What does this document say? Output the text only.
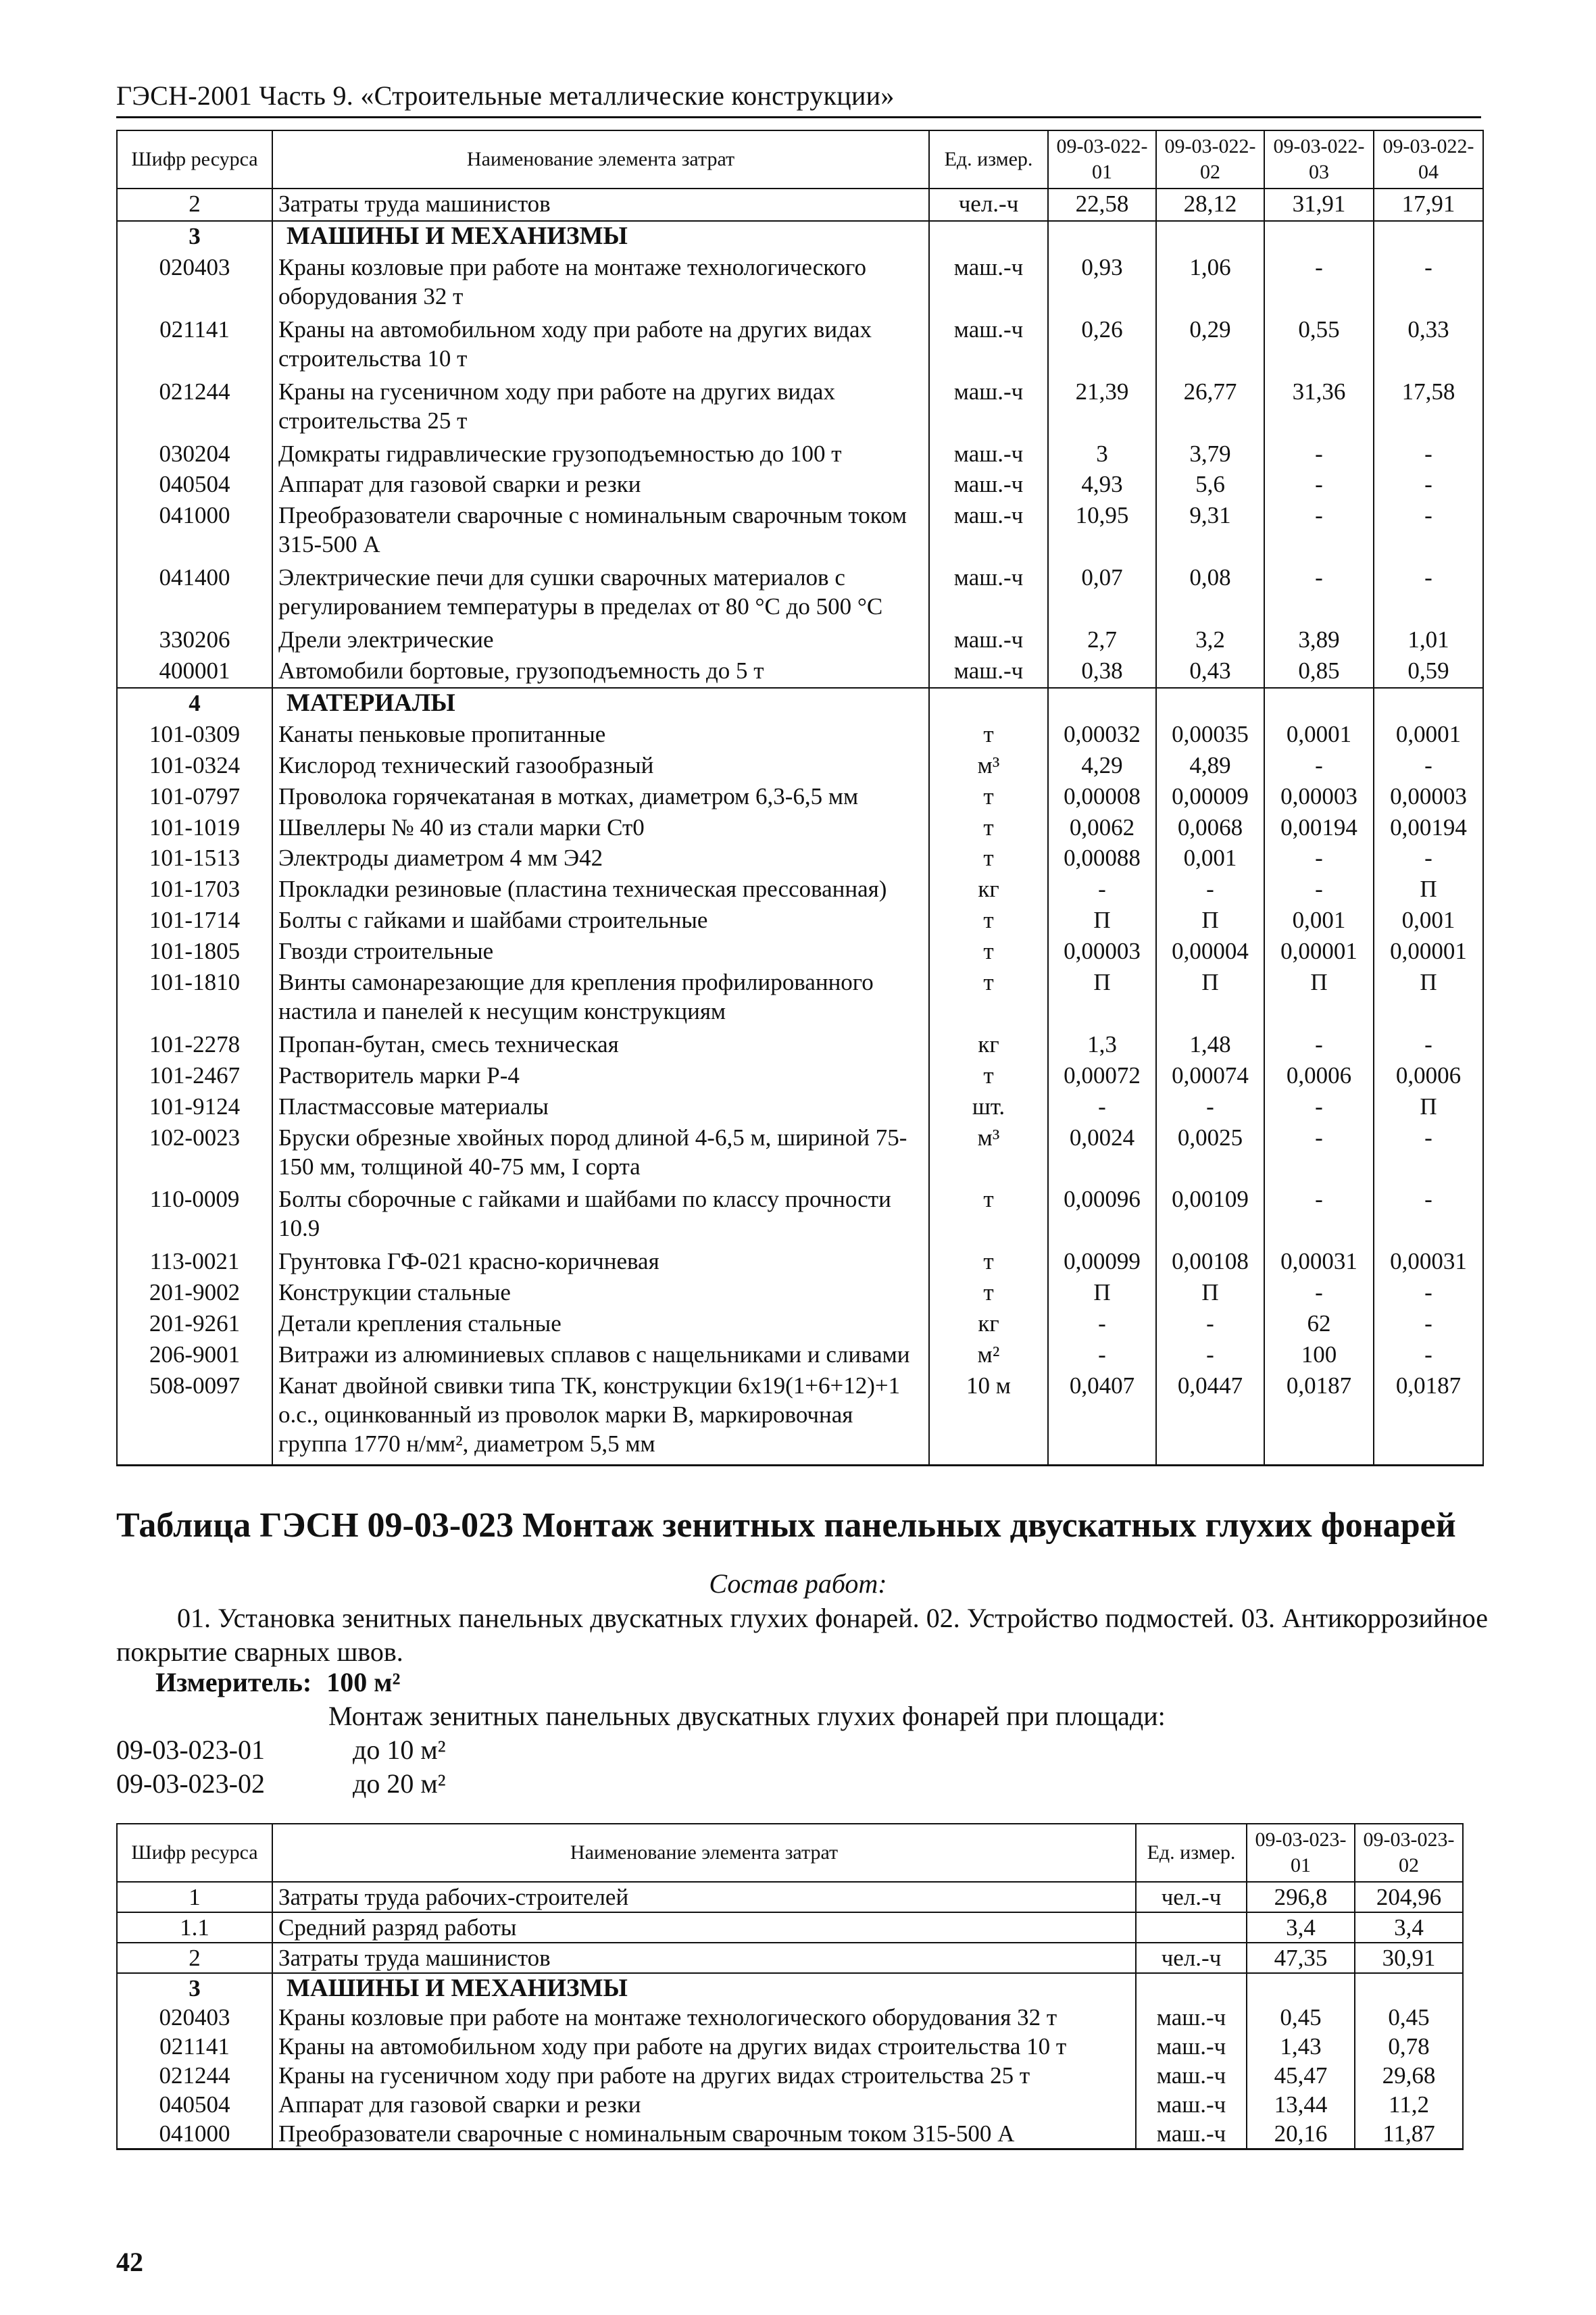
ГЭСН-2001 Часть 9. «Строительные металлические конструкции»
Шифр ресурса	Наименование элемента затрат	Ед. измер.	09-03-022-01	09-03-022-02	09-03-022-03	09-03-022-04
2	Затраты труда машинистов	чел.-ч	22,58	28,12	31,91	17,91
3	МАШИНЫ И МЕХАНИЗМЫ					
020403	Краны козловые при работе на монтаже технологического оборудования 32 т	маш.-ч	0,93	1,06	-	-
021141	Краны на автомобильном ходу при работе на других видах строительства 10 т	маш.-ч	0,26	0,29	0,55	0,33
021244	Краны на гусеничном ходу при работе на других видах строительства 25 т	маш.-ч	21,39	26,77	31,36	17,58
030204	Домкраты гидравлические грузоподъемностью до 100 т	маш.-ч	3	3,79	-	-
040504	Аппарат для газовой сварки и резки	маш.-ч	4,93	5,6	-	-
041000	Преобразователи сварочные с номинальным сварочным током 315-500 А	маш.-ч	10,95	9,31	-	-
041400	Электрические печи для сушки сварочных материалов с регулированием температуры в пределах от 80 °С до 500 °С	маш.-ч	0,07	0,08	-	-
330206	Дрели электрические	маш.-ч	2,7	3,2	3,89	1,01
400001	Автомобили бортовые, грузоподъемность до 5 т	маш.-ч	0,38	0,43	0,85	0,59
4	МАТЕРИАЛЫ					
101-0309	Канаты пеньковые пропитанные	т	0,00032	0,00035	0,0001	0,0001
101-0324	Кислород технический газообразный	м³	4,29	4,89	-	-
101-0797	Проволока горячекатаная в мотках, диаметром 6,3-6,5 мм	т	0,00008	0,00009	0,00003	0,00003
101-1019	Швеллеры № 40 из стали марки Ст0	т	0,0062	0,0068	0,00194	0,00194
101-1513	Электроды диаметром 4 мм Э42	т	0,00088	0,001	-	-
101-1703	Прокладки резиновые (пластина техническая прессованная)	кг	-	-	-	П
101-1714	Болты с гайками и шайбами строительные	т	П	П	0,001	0,001
101-1805	Гвозди строительные	т	0,00003	0,00004	0,00001	0,00001
101-1810	Винты самонарезающие для крепления профилированного настила и панелей к несущим конструкциям	т	П	П	П	П
101-2278	Пропан-бутан, смесь техническая	кг	1,3	1,48	-	-
101-2467	Растворитель марки Р-4	т	0,00072	0,00074	0,0006	0,0006
101-9124	Пластмассовые материалы	шт.	-	-	-	П
102-0023	Бруски обрезные хвойных пород длиной 4-6,5 м, шириной 75-150 мм, толщиной 40-75 мм, I сорта	м³	0,0024	0,0025	-	-
110-0009	Болты сборочные с гайками и шайбами по классу прочности 10.9	т	0,00096	0,00109	-	-
113-0021	Грунтовка ГФ-021 красно-коричневая	т	0,00099	0,00108	0,00031	0,00031
201-9002	Конструкции стальные	т	П	П	-	-
201-9261	Детали крепления стальные	кг	-	-	62	-
206-9001	Витражи из алюминиевых сплавов с нащельниками и сливами	м²	-	-	100	-
508-0097	Канат двойной свивки типа ТК, конструкции 6х19(1+6+12)+1 о.с., оцинкованный из проволок марки В, маркировочная группа 1770 н/мм², диаметром 5,5 мм	10 м	0,0407	0,0447	0,0187	0,0187
Таблица ГЭСН 09-03-023 Монтаж зенитных панельных двускатных глухих фонарей
Состав работ:
01. Установка зенитных панельных двускатных глухих фонарей. 02. Устройство подмостей. 03. Антикоррозийное покрытие сварных швов.
Измеритель: 100 м²
Монтаж зенитных панельных двускатных глухих фонарей при площади:
09-03-023-01	до 10 м²
09-03-023-02	до 20 м²
Шифр ресурса	Наименование элемента затрат	Ед. измер.	09-03-023-01	09-03-023-02
1	Затраты труда рабочих-строителей	чел.-ч	296,8	204,96
1.1	Средний разряд работы		3,4	3,4
2	Затраты труда машинистов	чел.-ч	47,35	30,91
3	МАШИНЫ И МЕХАНИЗМЫ			
020403	Краны козловые при работе на монтаже технологического оборудования 32 т	маш.-ч	0,45	0,45
021141	Краны на автомобильном ходу при работе на других видах строительства 10 т	маш.-ч	1,43	0,78
021244	Краны на гусеничном ходу при работе на других видах строительства 25 т	маш.-ч	45,47	29,68
040504	Аппарат для газовой сварки и резки	маш.-ч	13,44	11,2
041000	Преобразователи сварочные с номинальным сварочным током 315-500 А	маш.-ч	20,16	11,87
42
